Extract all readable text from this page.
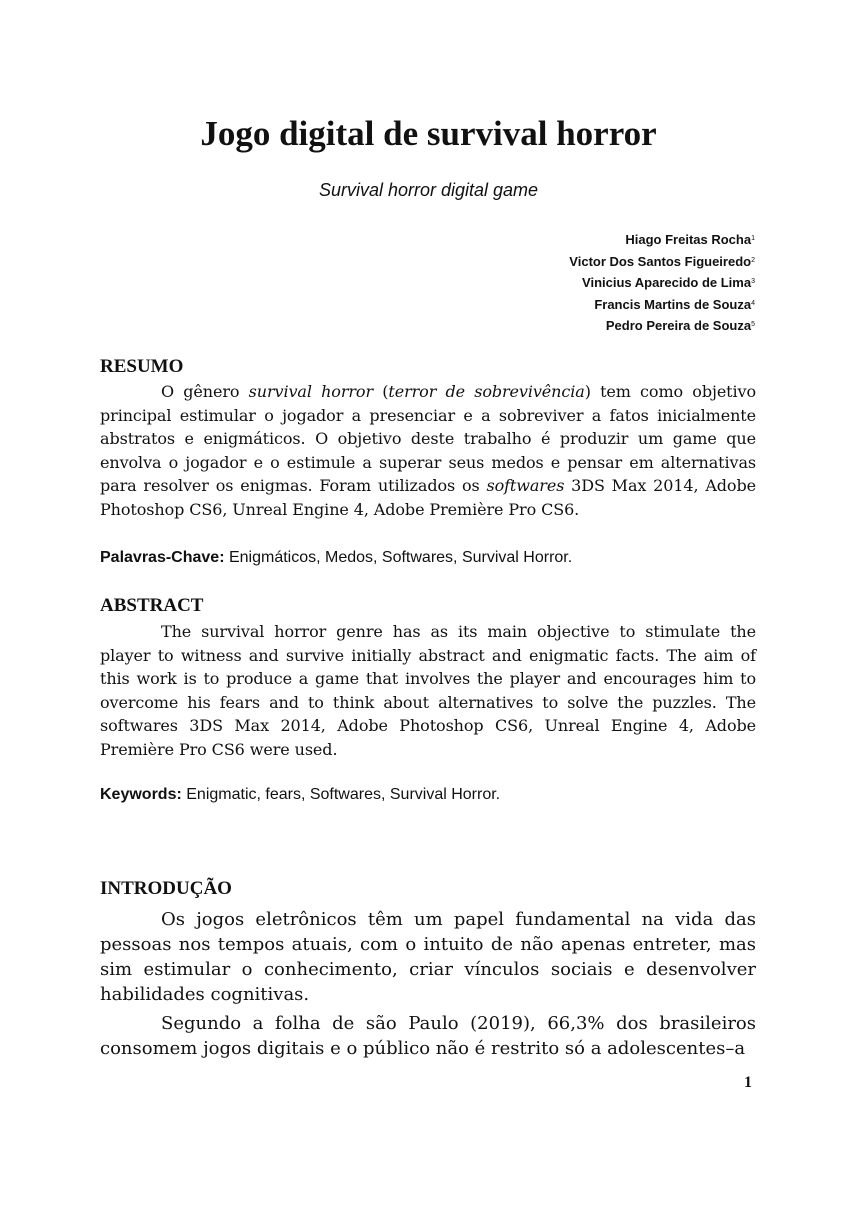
Jogo digital de survival horror

Survival horror digital game

Hiago Freitas Rocha$^1$
Victor Dos Santos Figueiredo$^2$
Vinicius Aparecido de Lima$^3$
Francis Martins de Souza$^4$
Pedro Pereira de Souza$^5$
RESUMO

O gênero survival horror (terror de sobrevivência) tem como objetivo principal estimular o jogador a presenciar e a sobreviver a fatos inicialmente abstratos e enigmáticos. O objetivo deste trabalho é produzir um game que envolva o jogador e o estimule a superar seus medos e pensar em alternativas para resolver os enigmas. Foram utilizados os softwares 3DS Max 2014, Adobe Photoshop CS6, Unreal Engine 4, Adobe Première Pro CS6.

Palavras-Chave: Enigmáticos, Medos, Softwares, Survival Horror.

ABSTRACT

The survival horror genre has as its main objective to stimulate the player to witness and survive initially abstract and enigmatic facts. The aim of this work is to produce a game that involves the player and encourages him to overcome his fears and to think about alternatives to solve the puzzles. The softwares 3DS Max 2014, Adobe Photoshop CS6, Unreal Engine 4, Adobe Première Pro CS6 were used.

Keywords: Enigmatic, fears, Softwares, Survival Horror.

INTRODUÇÃO

Os jogos eletrônicos têm um papel fundamental na vida das pessoas nos tempos atuais, com o intuito de não apenas entreter, mas sim estimular o conhecimento, criar vínculos sociais e desenvolver habilidades cognitivas.

Segundo a folha de são Paulo (2019), 66,3% dos brasileiros consomem jogos digitais e o público não é restrito só a adolescentes–a

1
